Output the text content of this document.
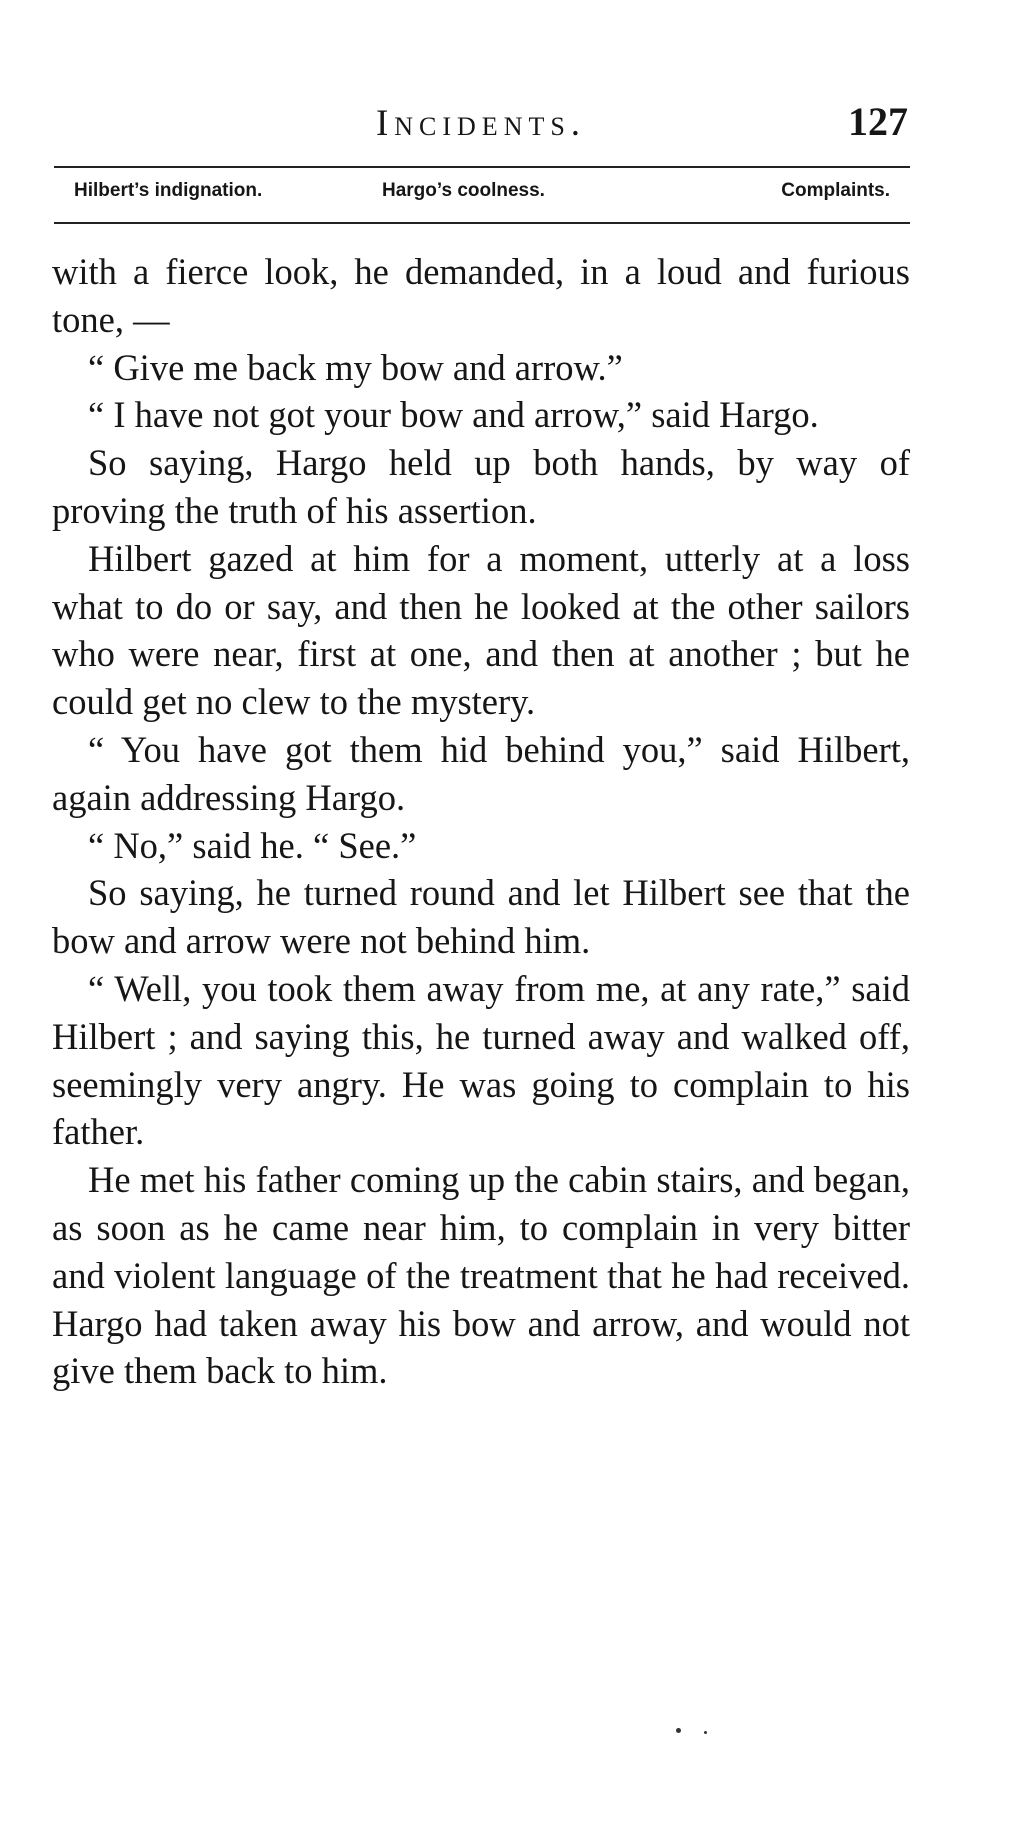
Incidents.	127
Hilbert’s indignation.	Hargo’s coolness.	Complaints.

with a fierce look, he demanded, in a loud and furious tone, —

“ Give me back my bow and arrow.”

“ I have not got your bow and arrow,” said Hargo.

So saying, Hargo held up both hands, by way of proving the truth of his assertion.

Hilbert gazed at him for a moment, utterly at a loss what to do or say, and then he looked at the other sailors who were near, first at one, and then at another ; but he could get no clew to the mystery.

“ You have got them hid behind you,” said Hilbert, again addressing Hargo.

“ No,” said he. “ See.”

So saying, he turned round and let Hilbert see that the bow and arrow were not behind him.

“ Well, you took them away from me, at any rate,” said Hilbert ; and saying this, he turned away and walked off, seemingly very angry. He was going to complain to his father.

He met his father coming up the cabin stairs, and began, as soon as he came near him, to complain in very bitter and violent language of the treatment that he had received. Hargo had taken away his bow and arrow, and would not give them back to him.
